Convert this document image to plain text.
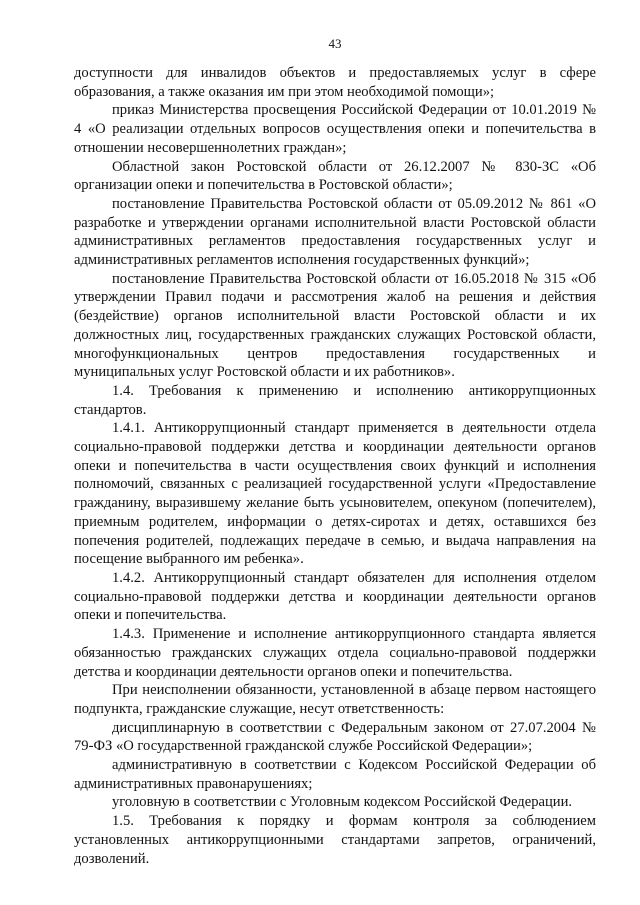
43

доступности для инвалидов объектов и предоставляемых услуг в сфере образования, а также оказания им при этом необходимой помощи»;

приказ Министерства просвещения Российской Федерации от 10.01.2019 № 4 «О реализации отдельных вопросов осуществления опеки и попечительства в отношении несовершеннолетних граждан»;

Областной закон Ростовской области от 26.12.2007 № 830-ЗС «Об организации опеки и попечительства в Ростовской области»;

постановление Правительства Ростовской области от 05.09.2012 № 861 «О разработке и утверждении органами исполнительной власти Ростовской области административных регламентов предоставления государственных услуг и административных регламентов исполнения государственных функций»;

постановление Правительства Ростовской области от 16.05.2018 № 315 «Об утверждении Правил подачи и рассмотрения жалоб на решения и действия (бездействие) органов исполнительной власти Ростовской области и их должностных лиц, государственных гражданских служащих Ростовской области, многофункциональных центров предоставления государственных и муниципальных услуг Ростовской области и их работников».

1.4. Требования к применению и исполнению антикоррупционных стандартов.

1.4.1. Антикоррупционный стандарт применяется в деятельности отдела социально-правовой поддержки детства и координации деятельности органов опеки и попечительства в части осуществления своих функций и исполнения полномочий, связанных с реализацией государственной услуги «Предоставление гражданину, выразившему желание быть усыновителем, опекуном (попечителем), приемным родителем, информации о детях-сиротах и детях, оставшихся без попечения родителей, подлежащих передаче в семью, и выдача направления на посещение выбранного им ребенка».

1.4.2. Антикоррупционный стандарт обязателен для исполнения отделом социально-правовой поддержки детства и координации деятельности органов опеки и попечительства.

1.4.3. Применение и исполнение антикоррупционного стандарта является обязанностью гражданских служащих отдела социально-правовой поддержки детства и координации деятельности органов опеки и попечительства.

При неисполнении обязанности, установленной в абзаце первом настоящего подпункта, гражданские служащие, несут ответственность:

дисциплинарную в соответствии с Федеральным законом от 27.07.2004 № 79-ФЗ «О государственной гражданской службе Российской Федерации»;

административную в соответствии с Кодексом Российской Федерации об административных правонарушениях;

уголовную в соответствии с Уголовным кодексом Российской Федерации.

1.5. Требования к порядку и формам контроля за соблюдением установленных антикоррупционными стандартами запретов, ограничений, дозволений.
